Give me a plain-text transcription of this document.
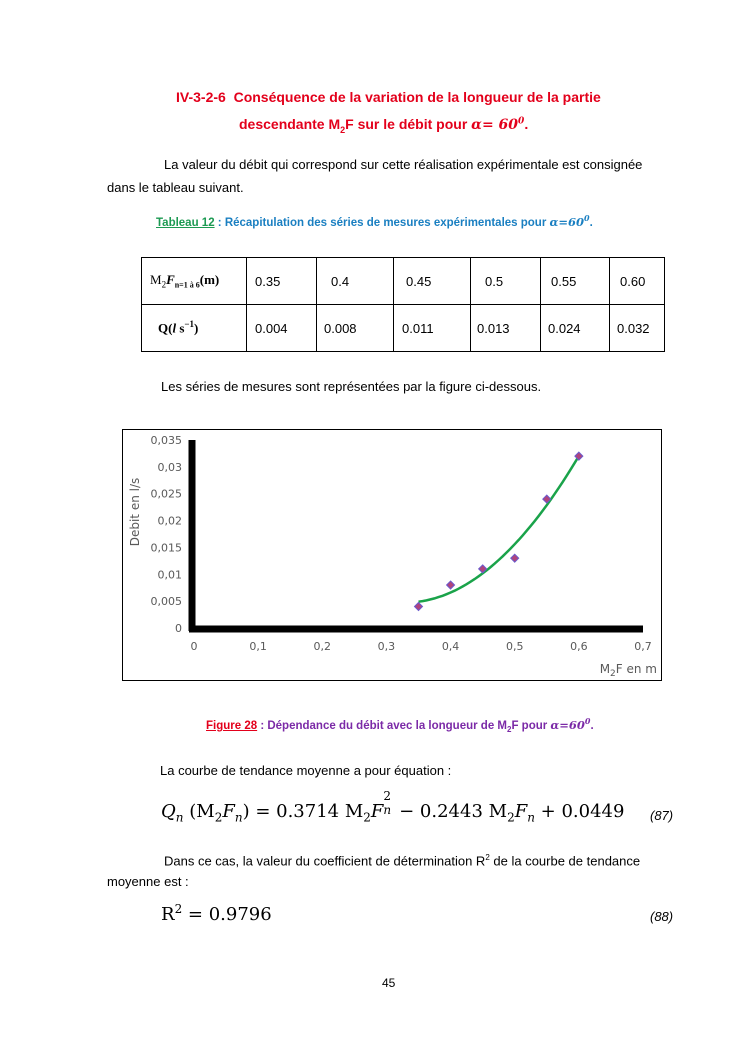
IV-3-2-6 Conséquence de la variation de la longueur de la partie
descendante $M_2F$ sur le débit pour $\alpha= 60^0$.
La valeur du débit qui correspond sur cette réalisation expérimentale est consignée
dans le tableau suivant.
Tableau 12 : Récapitulation des séries de mesures expérimentales pour $\alpha=60^0$.
$M_2F_{n=1 à 6}(m)$	0.35	0.4	0.45	0.5	0.55	0.60
Q(l $s^{-1}$)	0.004	0.008	0.011	0.013	0.024	0.032
Les séries de mesures sont représentées par la figure ci-dessous.
0
0,005
0,01
0,015
0,02
0,025
0,03
0,035
0	0,1	0,2	0,3	0,4	0,5	0,6	0,7
Debit en l/s
$M_2F$ en m
Figure 28 : Dépendance du débit avec la longueur de $M_2F$ pour $\alpha=60^0$.
La courbe de tendance moyenne a pour équation :
$Q_n$ $(M_2F_n) = 0.3714$ $M_2F$
2
n − 0.2443 $M_2F_n + 0.0449$ (87)
Dans ce cas, la valeur du coefficient de détermination $R^2$ de la courbe de tendance
moyenne est :
$R^2 = 0.9796$	(88)
45
